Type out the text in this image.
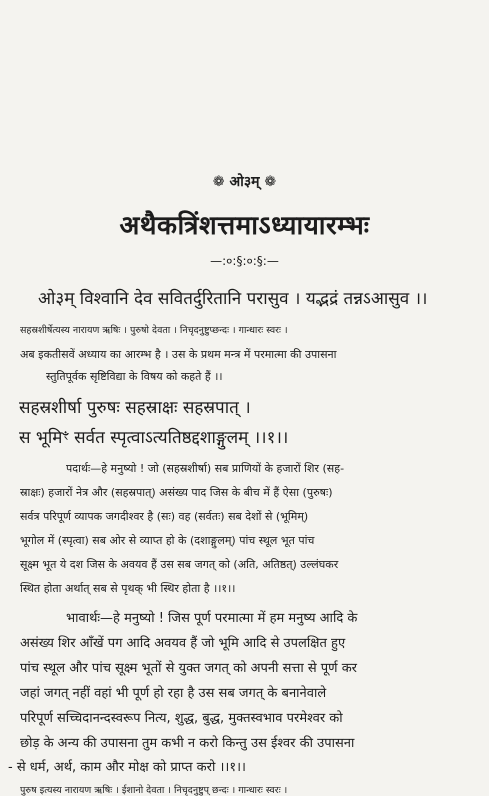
❁ ओ३म् ❁
अथैकत्रिंशत्तमाऽध्यायारम्भः
—:०:§:०:§:—
ओ३म् विश्वानि देव सवितर्दुरितानि परासुव । यद्भद्रं तन्नऽआसुव ।।
सहस्रशीर्षेत्यस्य नारायण ऋषिः । पुरुषो देवता । निचृदनुष्टुप्छन्दः । गान्धारः स्वरः ।
अब इकतीसवें अध्याय का आरम्भ है । उस के प्रथम मन्त्र में परमात्मा की उपासना
स्तुतिपूर्वक सृष्टिविद्या के विषय को कहते हैं ।।
सहस्रशीर्षा पुरुषः सहस्राक्षः सहस्रपात् ।
स भूमिꣳ सर्वत स्पृत्वाऽत्यतिष्ठद्दशाङ्गुलम् ।।१।।
पदार्थः—हे मनुष्यो ! जो (सहस्रशीर्षा) सब प्राणियों के हजारों शिर (सह-
स्राक्षः) हजारों नेत्र और (सहस्रपात्) असंख्य पाद जिस के बीच में हैं ऐसा (पुरुषः)
सर्वत्र परिपूर्ण व्यापक जगदीश्वर है (सः) वह (सर्वतः) सब देशों से (भूमिम्)
भूगोल में (स्पृत्वा) सब ओर से व्याप्त हो के (दशाङ्गुलम्) पांच स्थूल भूत पांच
सूक्ष्म भूत ये दश जिस के अवयव हैं उस सब जगत् को (अति, अतिष्ठत्) उल्लंघकर
स्थित होता अर्थात् सब से पृथक् भी स्थिर होता है ।।१।।
भावार्थः—हे मनुष्यो ! जिस पूर्ण परमात्मा में हम मनुष्य आदि के
असंख्य शिर आँखें पग आदि अवयव हैं जो भूमि आदि से उपलक्षित हुए
पांच स्थूल और पांच सूक्ष्म भूतों से युक्त जगत् को अपनी सत्ता से पूर्ण कर
जहां जगत् नहीं वहां भी पूर्ण हो रहा है उस सब जगत् के बनानेवाले
परिपूर्ण सच्चिदानन्दस्वरूप नित्य, शुद्ध, बुद्ध, मुक्तस्वभाव परमेश्वर को
छोड़ के अन्य की उपासना तुम कभी न करो किन्तु उस ईश्वर की उपासना
- से धर्म, अर्थ, काम और मोक्ष को प्राप्त करो ।।१।।
पुरुष इत्यस्य नारायण ऋषिः । ईशानो देवता । निचृदनुष्टुप् छन्दः । गान्धारः स्वरः ।
